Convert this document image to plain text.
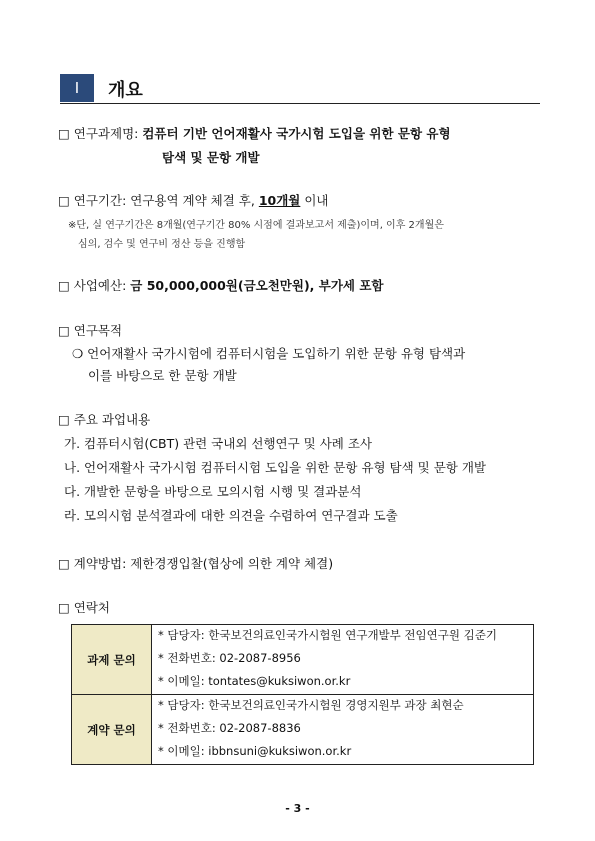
Ⅰ	개요
□ 연구과제명: 컴퓨터 기반 언어재활사 국가시험 도입을 위한 문항 유형
탐색 및 문항 개발
□ 연구기간: 연구용역 계약 체결 후, 10개월 이내
※단, 실 연구기간은 8개월(연구기간 80% 시점에 결과보고서 제출)이며, 이후 2개월은
심의, 검수 및 연구비 정산 등을 진행함
□ 사업예산: 금 50,000,000원(금오천만원), 부가세 포함
□ 연구목적
❍ 언어재활사 국가시험에 컴퓨터시험을 도입하기 위한 문항 유형 탐색과
이를 바탕으로 한 문항 개발
□ 주요 과업내용
가. 컴퓨터시험(CBT) 관련 국내외 선행연구 및 사례 조사
나. 언어재활사 국가시험 컴퓨터시험 도입을 위한 문항 유형 탐색 및 문항 개발
다. 개발한 문항을 바탕으로 모의시험 시행 및 결과분석
라. 모의시험 분석결과에 대한 의견을 수렴하여 연구결과 도출
□ 계약방법: 제한경쟁입찰(협상에 의한 계약 체결)
□ 연락처
과제 문의	* 담당자: 한국보건의료인국가시험원 연구개발부 전임연구원 김준기
* 전화번호: 02-2087-8956
* 이메일: tontates@kuksiwon.or.kr

계약 문의	* 담당자: 한국보건의료인국가시험원 경영지원부 과장 최현순
* 전화번호: 02-2087-8836
* 이메일: ibbnsuni@kuksiwon.or.kr
- 3 -
